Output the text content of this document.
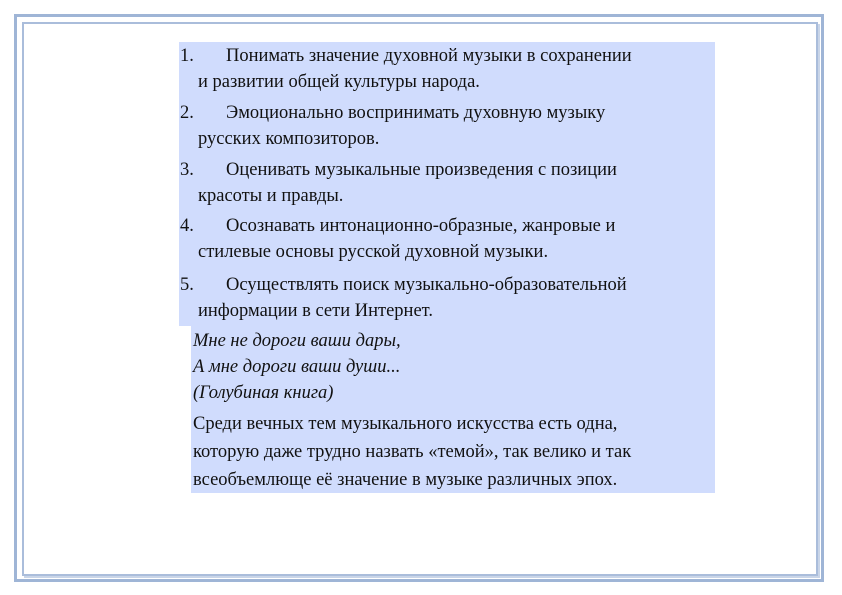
1. Понимать значение духовной музыки в сохранении
и развитии общей культуры народа.
2. Эмоционально воспринимать духовную музыку
русских композиторов.
3. Оценивать музыкальные произведения с позиции
красоты и правды.
4. Осознавать интонационно-образные, жанровые и
стилевые основы русской духовной музыки.
5. Осуществлять поиск музыкально-образовательной
информации в сети Интернет.
Мне не дороги ваши дары,
А мне дороги ваши души...
(Голубиная книга)
Среди вечных тем музыкального искусства есть одна,
которую даже трудно назвать «темой», так велико и так
всеобъемлюще её значение в музыке различных эпох.
